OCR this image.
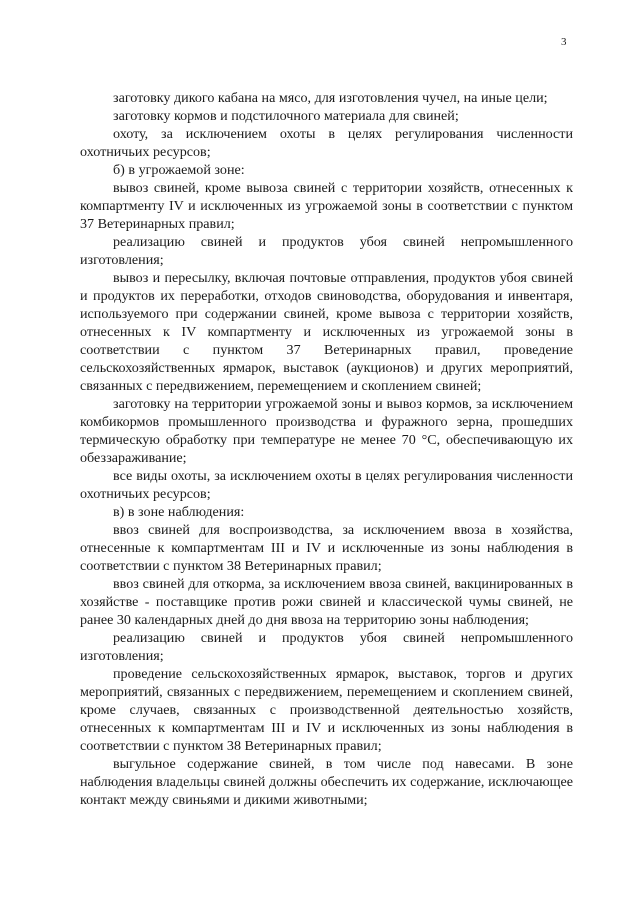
3

заготовку дикого кабана на мясо, для изготовления чучел, на иные цели;

заготовку кормов и подстилочного материала для свиней;

охоту, за исключением охоты в целях регулирования численности охотничьих ресурсов;

б) в угрожаемой зоне:

вывоз свиней, кроме вывоза свиней с территории хозяйств, отнесенных к компартменту IV и исключенных из угрожаемой зоны в соответствии с пунктом 37 Ветеринарных правил;

реализацию свиней и продуктов убоя свиней непромышленного изготовления;

вывоз и пересылку, включая почтовые отправления, продуктов убоя свиней и продуктов их переработки, отходов свиноводства, оборудования и инвентаря, используемого при содержании свиней, кроме вывоза с территории хозяйств, отнесенных к IV компартменту и исключенных из угрожаемой зоны в соответствии с пунктом 37 Ветеринарных правил, проведение сельскохозяйственных ярмарок, выставок (аукционов) и других мероприятий, связанных с передвижением, перемещением и скоплением свиней;

заготовку на территории угрожаемой зоны и вывоз кормов, за исключением комбикормов промышленного производства и фуражного зерна, прошедших термическую обработку при температуре не менее 70 °С, обеспечивающую их обеззараживание;

все виды охоты, за исключением охоты в целях регулирования численности охотничьих ресурсов;

в) в зоне наблюдения:

ввоз свиней для воспроизводства, за исключением ввоза в хозяйства, отнесенные к компартментам III и IV и исключенные из зоны наблюдения в соответствии с пунктом 38 Ветеринарных правил;

ввоз свиней для откорма, за исключением ввоза свиней, вакцинированных в хозяйстве - поставщике против рожи свиней и классической чумы свиней, не ранее 30 календарных дней до дня ввоза на территорию зоны наблюдения;

реализацию свиней и продуктов убоя свиней непромышленного изготовления;

проведение сельскохозяйственных ярмарок, выставок, торгов и других мероприятий, связанных с передвижением, перемещением и скоплением свиней, кроме случаев, связанных с производственной деятельностью хозяйств, отнесенных к компартментам III и IV и исключенных из зоны наблюдения в соответствии с пунктом 38 Ветеринарных правил;

выгульное содержание свиней, в том числе под навесами. В зоне наблюдения владельцы свиней должны обеспечить их содержание, исключающее контакт между свиньями и дикими животными;
